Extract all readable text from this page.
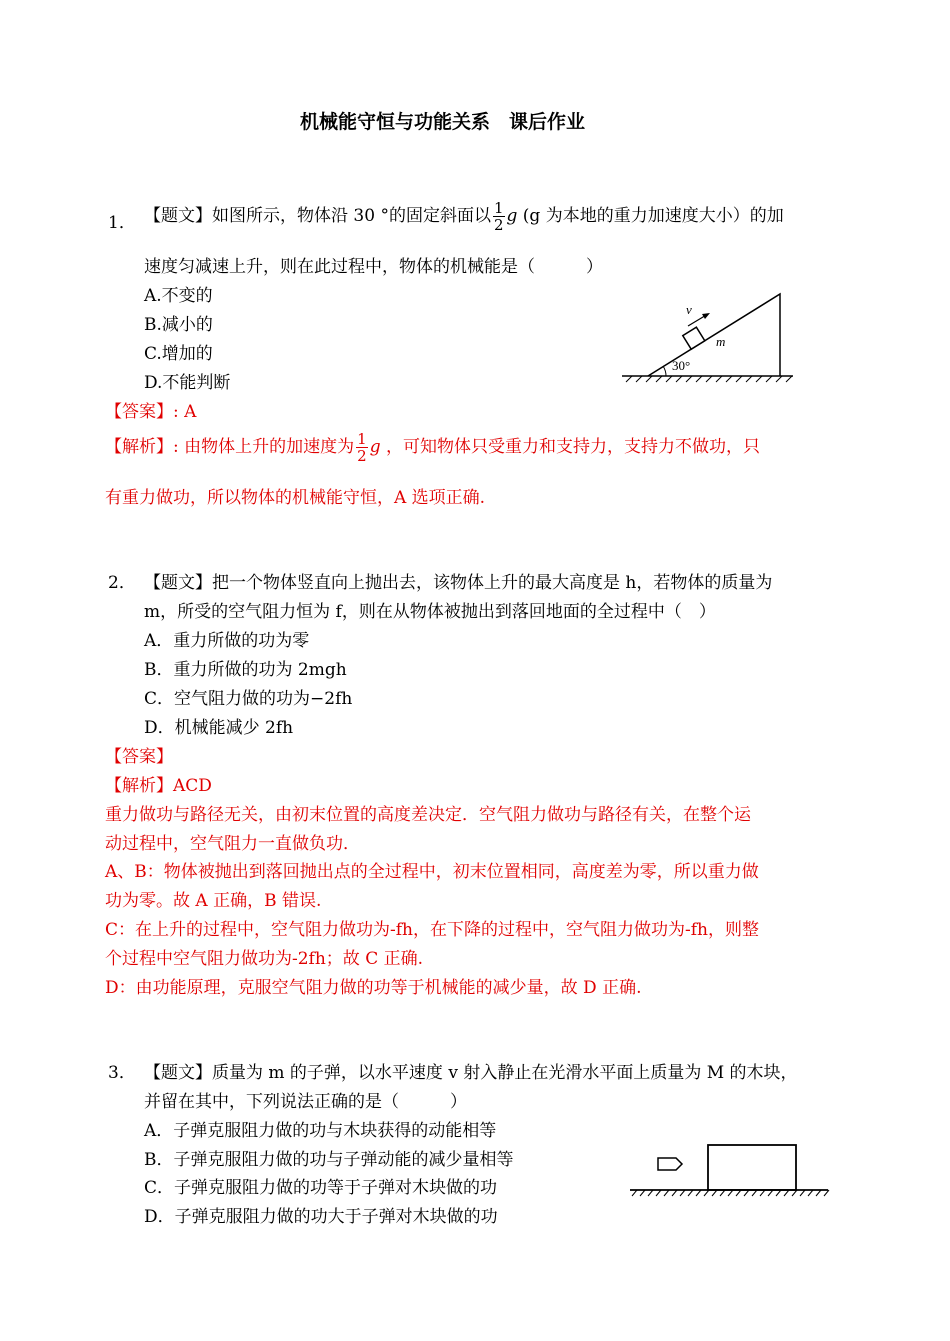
机械能守恒与功能关系　课后作业
1． 【题文】如图所示，物体沿 30 °的固定斜面以 $\frac{1}{2}$ g (g 为本地的重力加速度大小）的加
速度匀减速上升，则在此过程中，物体的机械能是（　　　）
A.不变的
B.减小的
C.增加的
D.不能判断
30°
m
v
【答案】: A
【解析】: 由物体上升的加速度为 $\frac{1}{2}$ g ，可知物体只受重力和支持力，支持力不做功，只
有重力做功，所以物体的机械能守恒，A 选项正确.
2． 【题文】把一个物体竖直向上抛出去，该物体上升的最大高度是 h，若物体的质量为
m，所受的空气阻力恒为 f，则在从物体被抛出到落回地面的全过程中（　）
A．重力所做的功为零
B．重力所做的功为 2mgh
C．空气阻力做的功为−2fh
D．机械能减少 2fh
【答案】
【解析】ACD
重力做功与路径无关，由初末位置的高度差决定．空气阻力做功与路径有关，在整个运
动过程中，空气阻力一直做负功．
A、B：物体被抛出到落回抛出点的全过程中，初末位置相同，高度差为零，所以重力做
功为零。故 A 正确，B 错误.
C：在上升的过程中，空气阻力做功为-fh，在下降的过程中，空气阻力做功为-fh，则整
个过程中空气阻力做功为-2fh；故 C 正确.
D：由功能原理，克服空气阻力做的功等于机械能的减少量，故 D 正确.
3． 【题文】质量为 m 的子弹，以水平速度 v 射入静止在光滑水平面上质量为 M 的木块，
并留在其中，下列说法正确的是（　　　）
A．子弹克服阻力做的功与木块获得的动能相等
B．子弹克服阻力做的功与子弹动能的减少量相等
C．子弹克服阻力做的功等于子弹对木块做的功
D．子弹克服阻力做的功大于子弹对木块做的功
